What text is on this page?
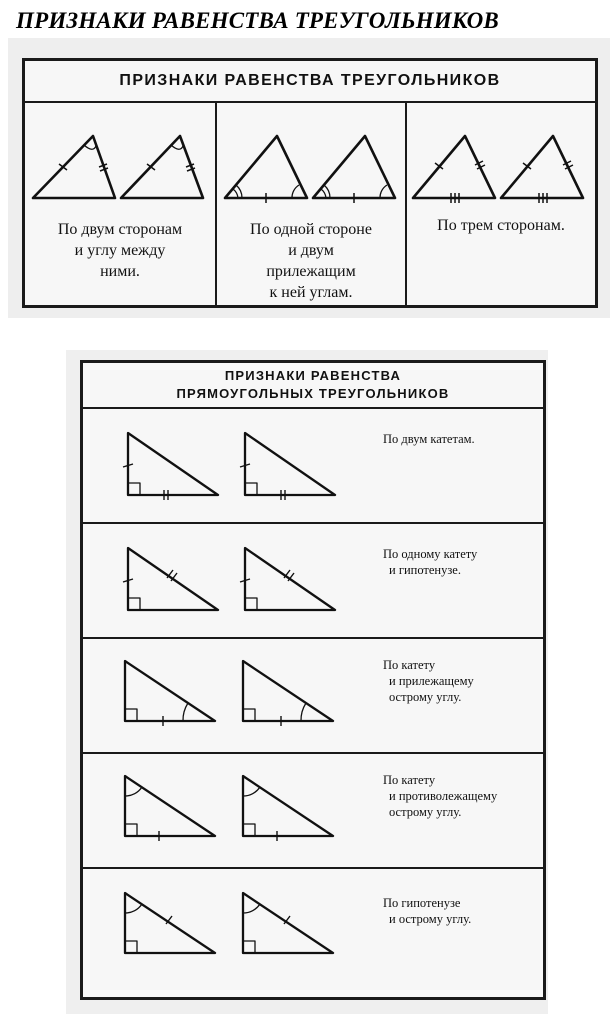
ПРИЗНАКИ РАВЕНСТВА ТРЕУГОЛЬНИКОВ
ПРИЗНАКИ РАВЕНСТВА ТРЕУГОЛЬНИКОВ
По двум сторонам
и углу между
ними.
По одной стороне
и двум
прилежащим
к ней углам.
По трем сторонам.
ПРИЗНАКИ РАВЕНСТВА
ПРЯМОУГОЛЬНЫХ ТРЕУГОЛЬНИКОВ
По двум катетам.
По одному катету
и гипотенузе.
По катету
и прилежащему
острому углу.
По катету
и противолежащему
острому углу.
По гипотенузе
и острому углу.
